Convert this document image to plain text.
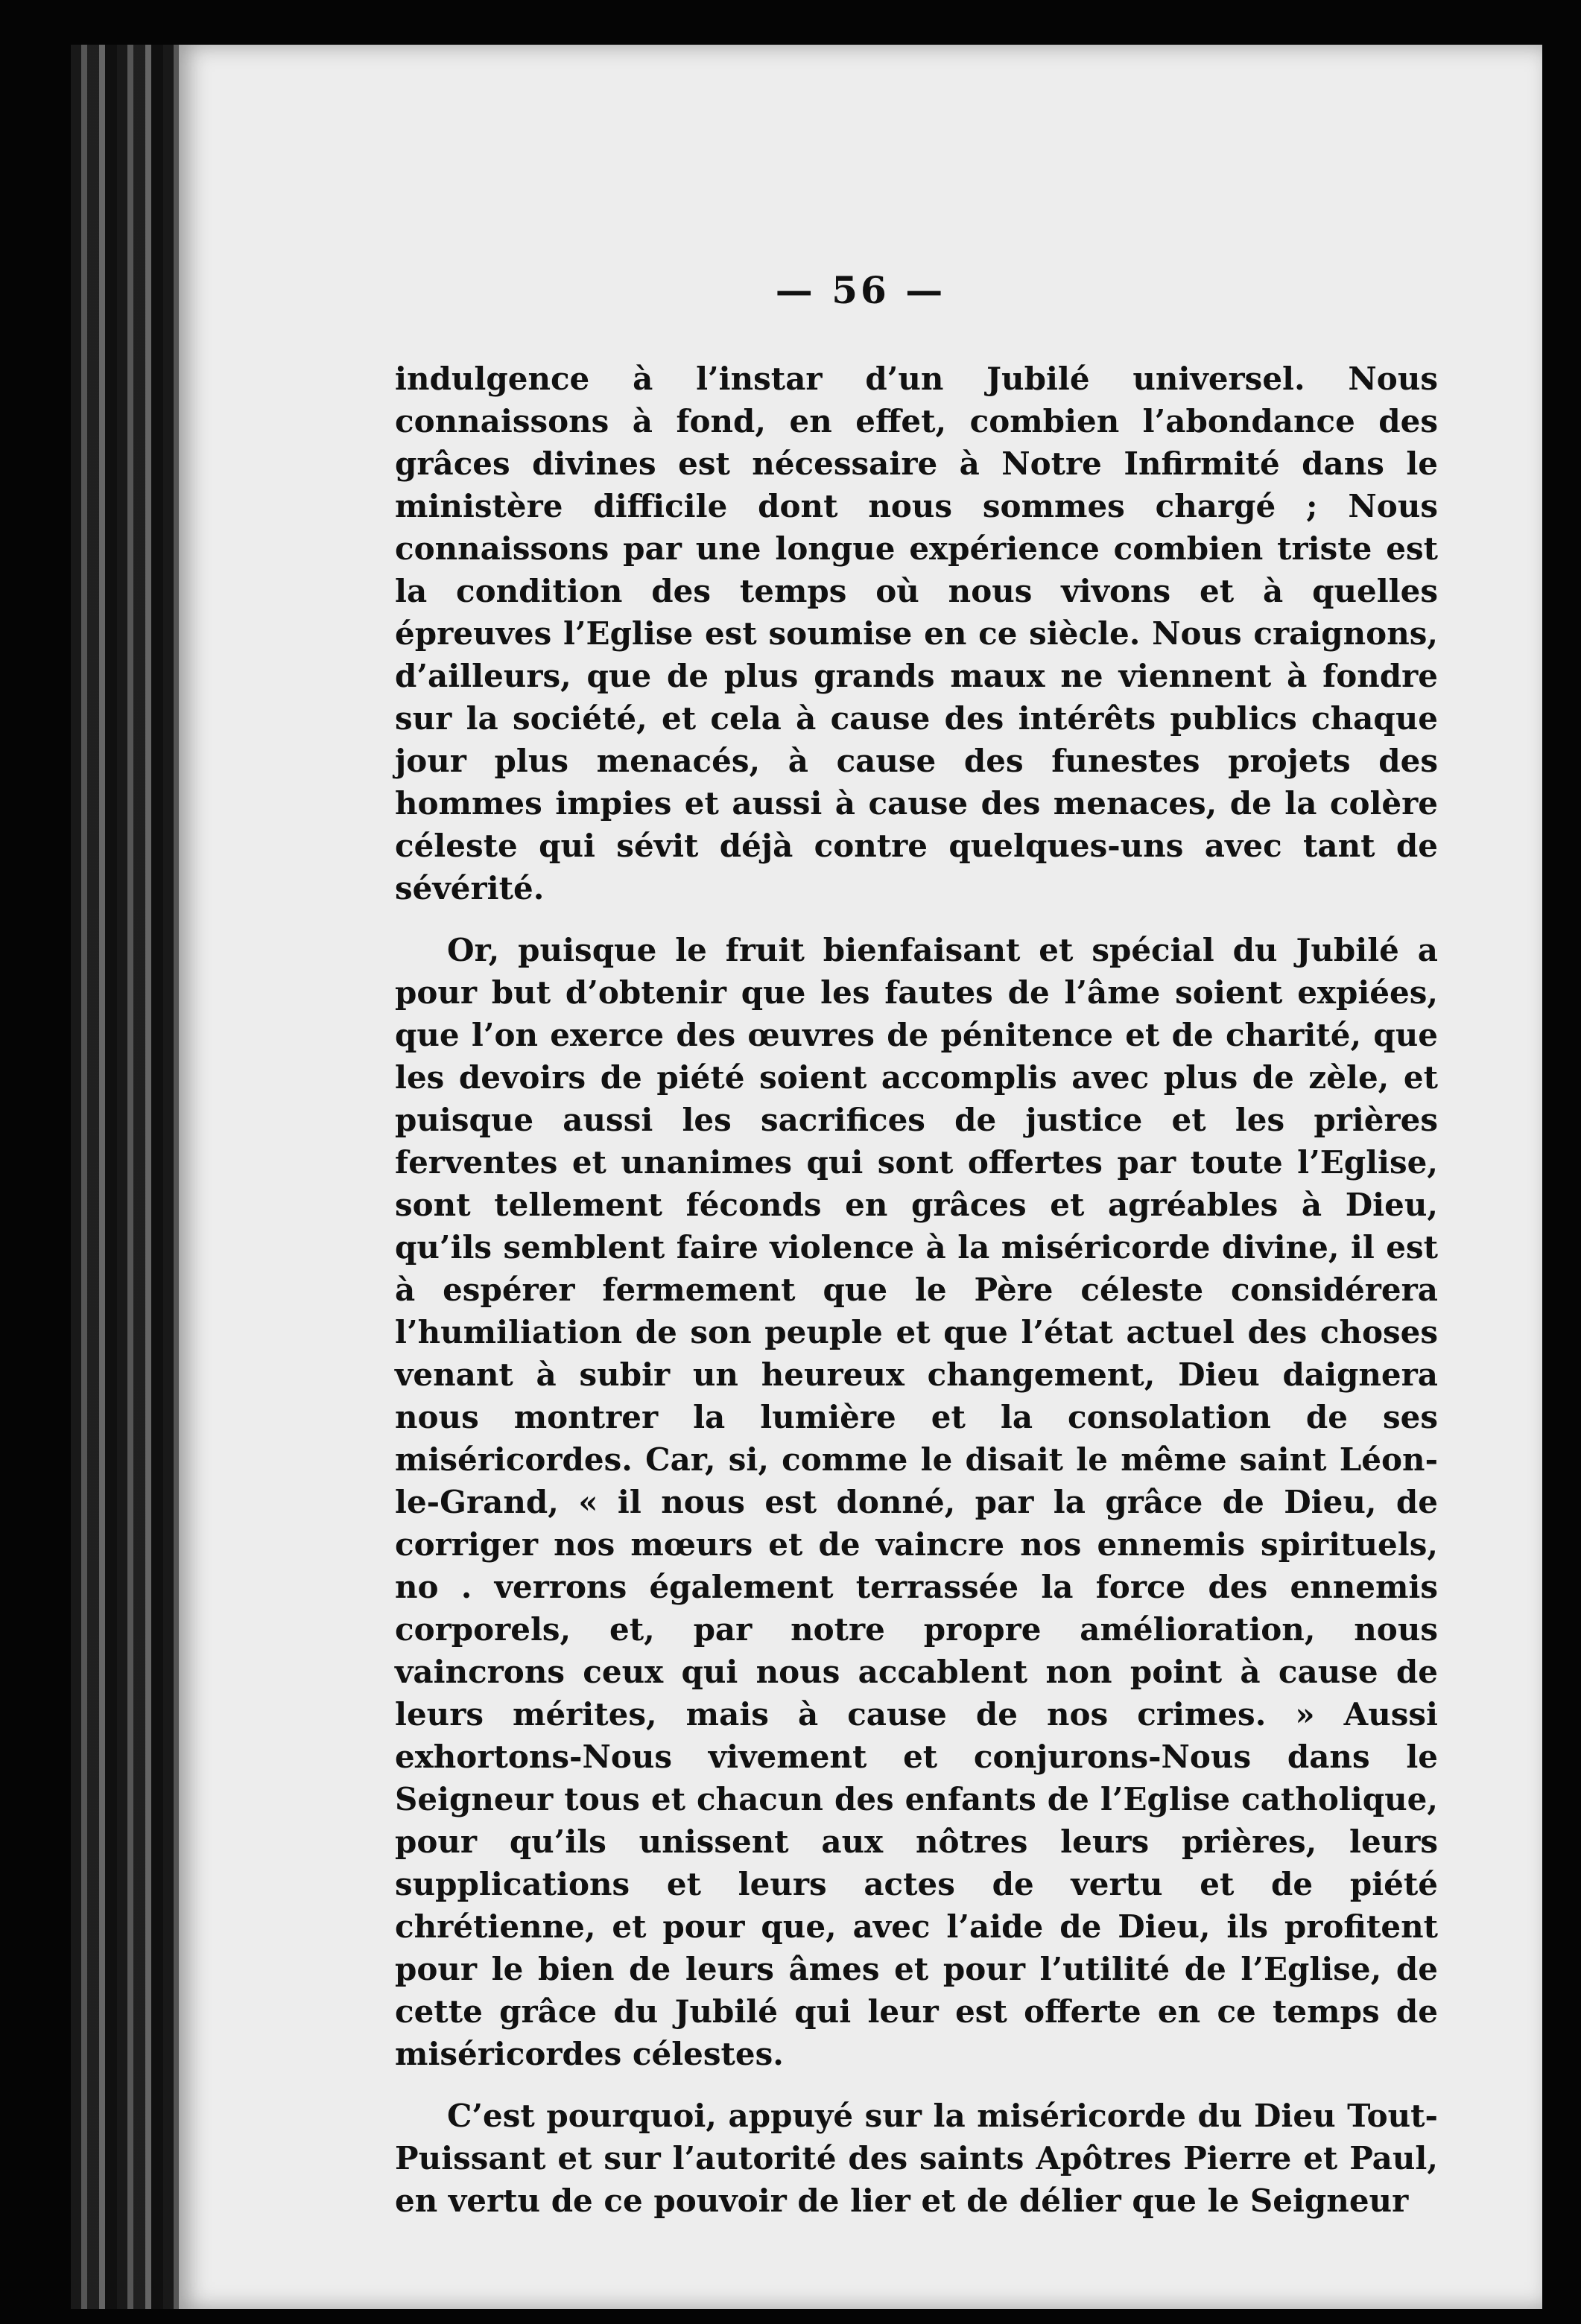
— 56 —

indulgence à l’instar d’un Jubilé universel. Nous connaissons à fond, en effet, combien l’abondance des grâces divines est nécessaire à Notre Infirmité dans le ministère difficile dont nous sommes chargé ; Nous connaissons par une longue expérience combien triste est la condition des temps où nous vivons et à quelles épreuves l’Eglise est soumise en ce siècle. Nous craignons, d’ailleurs, que de plus grands maux ne viennent à fondre sur la société, et cela à cause des intérêts publics chaque jour plus menacés, à cause des funestes projets des hommes impies et aussi à cause des menaces, de la colère céleste qui sévit déjà contre quelques-uns avec tant de sévérité.

Or, puisque le fruit bienfaisant et spécial du Jubilé a pour but d’obtenir que les fautes de l’âme soient expiées, que l’on exerce des œuvres de pénitence et de charité, que les devoirs de piété soient accomplis avec plus de zèle, et puisque aussi les sacrifices de justice et les prières ferventes et unanimes qui sont offertes par toute l’Eglise, sont tellement féconds en grâces et agréables à Dieu, qu’ils semblent faire violence à la miséricorde divine, il est à espérer fermement que le Père céleste considérera l’humiliation de son peuple et que l’état actuel des choses venant à subir un heureux changement, Dieu daignera nous montrer la lumière et la consolation de ses miséricordes. Car, si, comme le disait le même saint Léon-le-Grand, « il nous est donné, par la grâce de Dieu, de corriger nos mœurs et de vaincre nos ennemis spirituels, no . verrons également terrassée la force des ennemis corporels, et, par notre propre amélioration, nous vaincrons ceux qui nous accablent non point à cause de leurs mérites, mais à cause de nos crimes. » Aussi exhortons-Nous vivement et conjurons-Nous dans le Seigneur tous et chacun des enfants de l’Eglise catholique, pour qu’ils unissent aux nôtres leurs prières, leurs supplications et leurs actes de vertu et de piété chrétienne, et pour que, avec l’aide de Dieu, ils profitent pour le bien de leurs âmes et pour l’utilité de l’Eglise, de cette grâce du Jubilé qui leur est offerte en ce temps de miséricordes célestes.

C’est pourquoi, appuyé sur la miséricorde du Dieu Tout-Puissant et sur l’autorité des saints Apôtres Pierre et Paul, en vertu de ce pouvoir de lier et de délier que le Seigneur
